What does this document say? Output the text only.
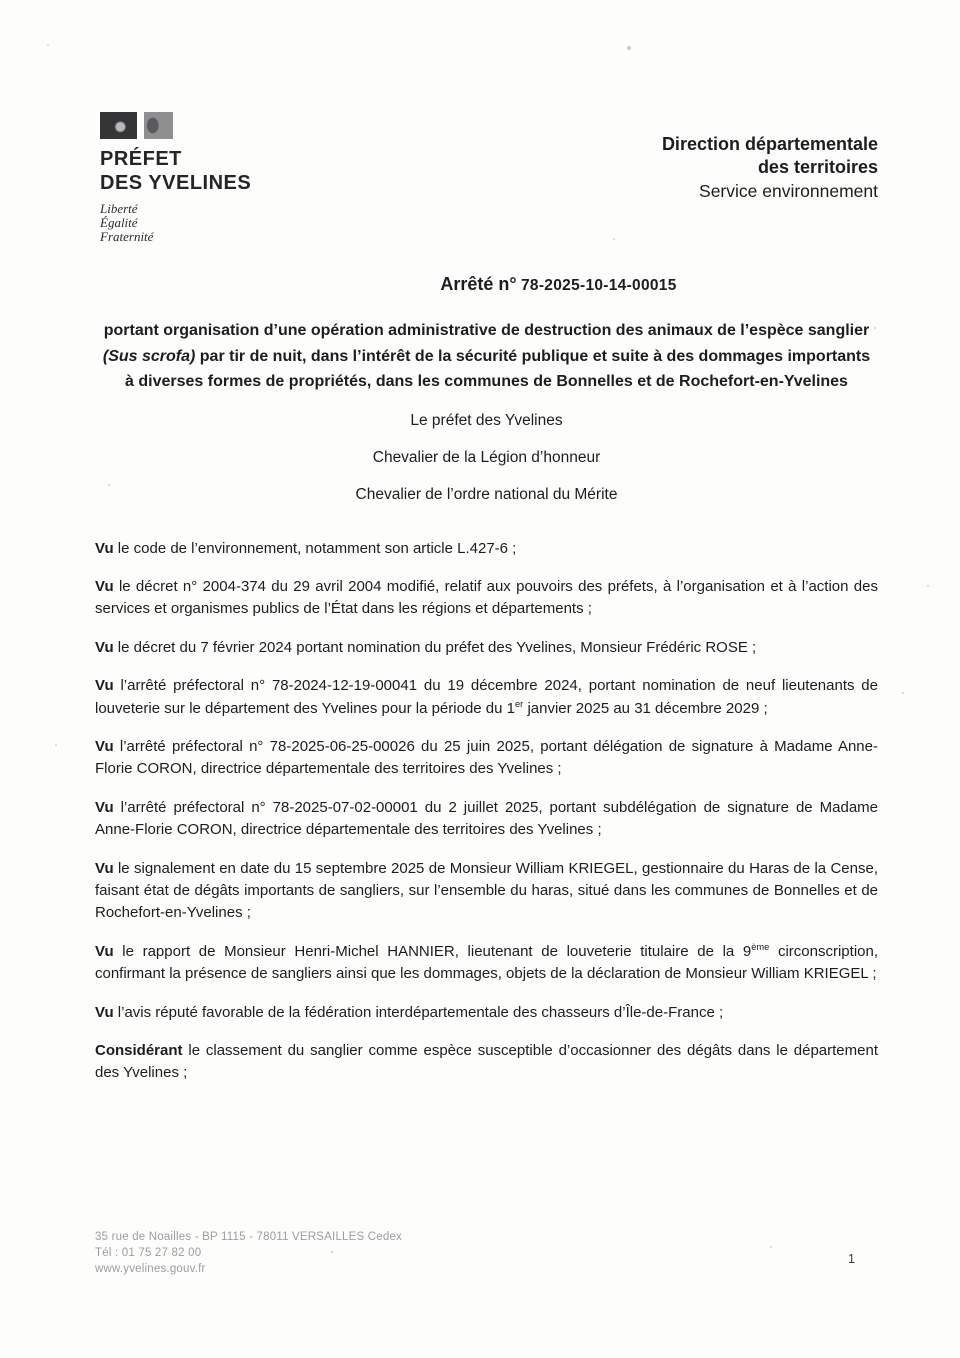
PRÉFET
DES YVELINES
Liberté
Égalité
Fraternité
Direction départementale
des territoires
Service environnement
Arrêté n° 78-2025-10-14-00015

portant organisation d’une opération administrative de destruction des animaux de l’espèce sanglier (Sus scrofa) par tir de nuit, dans l’intérêt de la sécurité publique et suite à des dommages importants à diverses formes de propriétés, dans les communes de Bonnelles et de Rochefort-en-Yvelines

Le préfet des Yvelines
Chevalier de la Légion d’honneur
Chevalier de l’ordre national du Mérite

Vu le code de l’environnement, notamment son article L.427-6 ;

Vu le décret n° 2004-374 du 29 avril 2004 modifié, relatif aux pouvoirs des préfets, à l’organisation et à l’action des services et organismes publics de l’État dans les régions et départements ;

Vu le décret du 7 février 2024 portant nomination du préfet des Yvelines, Monsieur Frédéric ROSE ;

Vu l’arrêté préfectoral n° 78-2024-12-19-00041 du 19 décembre 2024, portant nomination de neuf lieutenants de louveterie sur le département des Yvelines pour la période du 1er janvier 2025 au 31 décembre 2029 ;

Vu l’arrêté préfectoral n° 78-2025-06-25-00026 du 25 juin 2025, portant délégation de signature à Madame Anne-Florie CORON, directrice départementale des territoires des Yvelines ;

Vu l’arrêté préfectoral n° 78-2025-07-02-00001 du 2 juillet 2025, portant subdélégation de signature de Madame Anne-Florie CORON, directrice départementale des territoires des Yvelines ;

Vu le signalement en date du 15 septembre 2025 de Monsieur William KRIEGEL, gestionnaire du Haras de la Cense, faisant état de dégâts importants de sangliers, sur l’ensemble du haras, situé dans les communes de Bonnelles et de Rochefort-en-Yvelines ;

Vu le rapport de Monsieur Henri-Michel HANNIER, lieutenant de louveterie titulaire de la 9ème circonscription, confirmant la présence de sangliers ainsi que les dommages, objets de la déclaration de Monsieur William KRIEGEL ;

Vu l’avis réputé favorable de la fédération interdépartementale des chasseurs d’Île-de-France ;

Considérant le classement du sanglier comme espèce susceptible d’occasionner des dégâts dans le département des Yvelines ;

35 rue de Noailles - BP 1115 - 78011 VERSAILLES Cedex
Tél : 01 75 27 82 00
www.yvelines.gouv.fr
1
